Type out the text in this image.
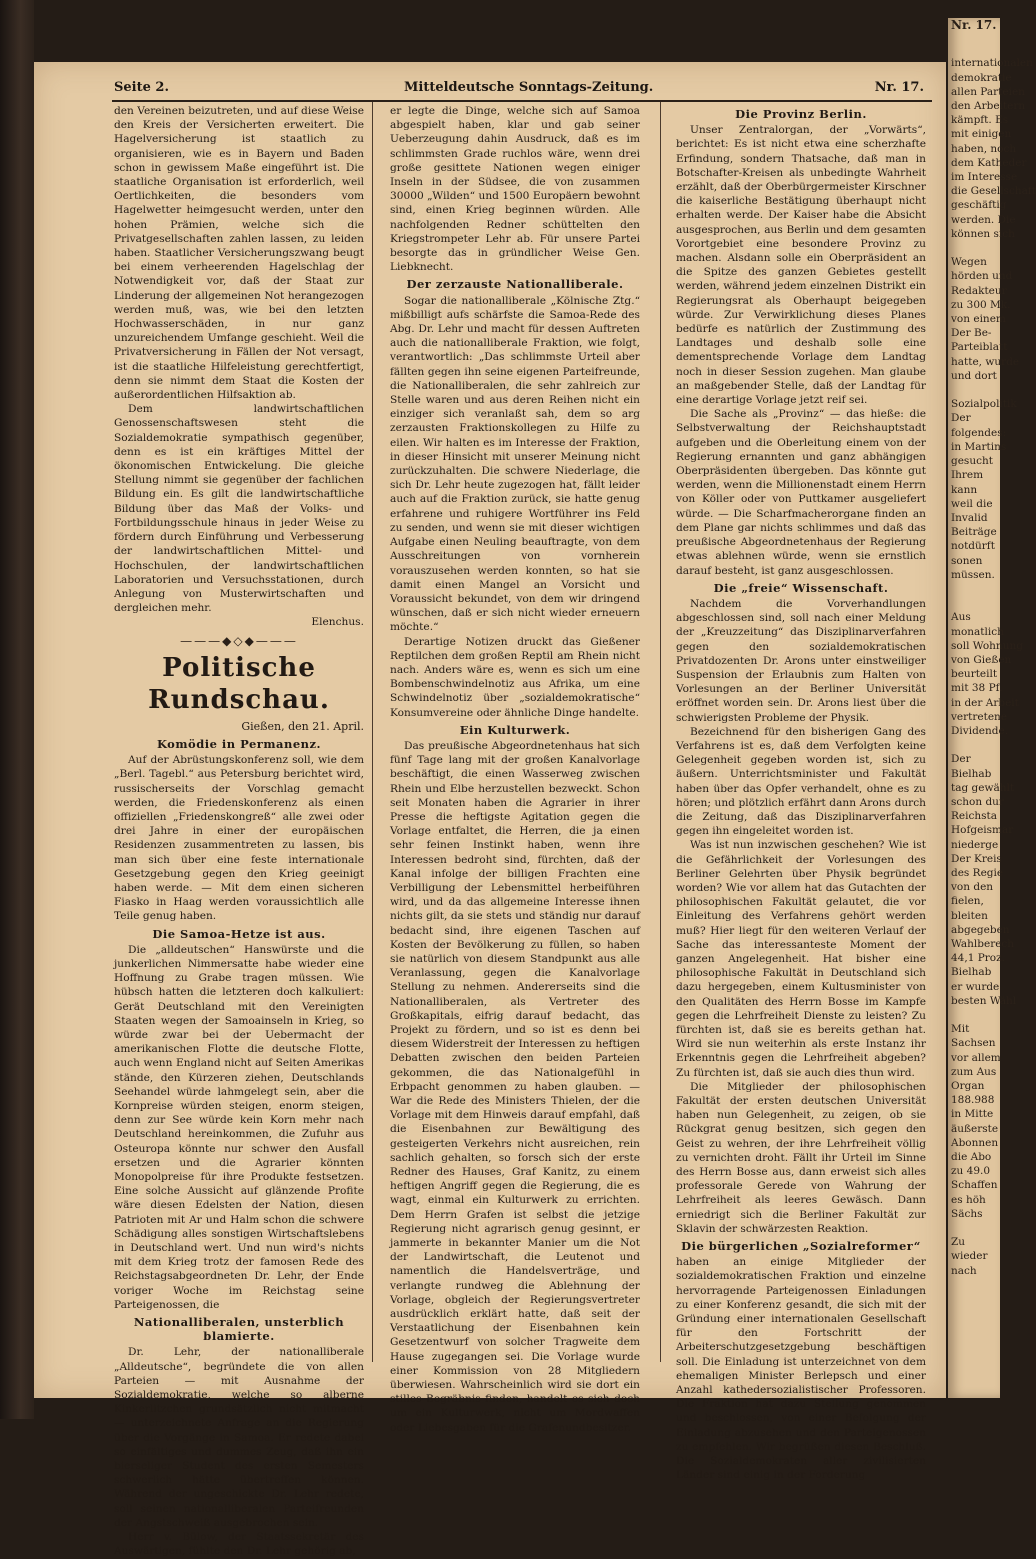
Seite 2.	Mitteldeutsche Sonntags-Zeitung.	Nr. 17.

den Vereinen beizutreten, und auf diese Weise den Kreis der Versicherten erweitert. Die Hagelversicherung ist staatlich zu organisieren, wie es in Bayern und Baden schon in gewissem Maße eingeführt ist. Die staatliche Organisation ist erforderlich, weil Oertlichkeiten, die besonders vom Hagelwetter heimgesucht werden, unter den hohen Prämien, welche sich die Privatgesellschaften zahlen lassen, zu leiden haben. Staatlicher Versicherungszwang beugt bei einem verheerenden Hagelschlag der Notwendigkeit vor, daß der Staat zur Linderung der allgemeinen Not herangezogen werden muß, was, wie bei den letzten Hochwasserschäden, in nur ganz unzureichendem Umfange geschieht. Weil die Privatversicherung in Fällen der Not versagt, ist die staatliche Hilfeleistung gerechtfertigt, denn sie nimmt dem Staat die Kosten der außerordentlichen Hilfsaktion ab.

Dem landwirtschaftlichen Genossenschaftswesen steht die Sozialdemokratie sympathisch gegenüber, denn es ist ein kräftiges Mittel der ökonomischen Entwickelung. Die gleiche Stellung nimmt sie gegenüber der fachlichen Bildung ein. Es gilt die landwirtschaftliche Bildung über das Maß der Volks- und Fortbildungsschule hinaus in jeder Weise zu fördern durch Einführung und Verbesserung der landwirtschaftlichen Mittel- und Hochschulen, der landwirtschaftlichen Laboratorien und Versuchsstationen, durch Anlegung von Musterwirtschaften und dergleichen mehr.

Elenchus.
———◆◇◆———
Politische Rundschau.
Gießen, den 21. April.
Komödie in Permanenz.

Auf der Abrüstungskonferenz soll, wie dem „Berl. Tagebl.“ aus Petersburg berichtet wird, russischerseits der Vorschlag gemacht werden, die Friedenskonferenz als einen offiziellen „Friedenskongreß“ alle zwei oder drei Jahre in einer der europäischen Residenzen zusammentreten zu lassen, bis man sich über eine feste internationale Gesetzgebung gegen den Krieg geeinigt haben werde. — Mit dem einen sicheren Fiasko in Haag werden voraussichtlich alle Teile genug haben.

Die Samoa-Hetze ist aus.

Die „alldeutschen“ Hanswürste und die junkerlichen Nimmersatte habe wieder eine Hoffnung zu Grabe tragen müssen. Wie hübsch hatten die letzteren doch kalkuliert: Gerät Deutschland mit den Vereinigten Staaten wegen der Samoainseln in Krieg, so würde zwar bei der Uebermacht der amerikanischen Flotte die deutsche Flotte, auch wenn England nicht auf Seiten Amerikas stände, den Kürzeren ziehen, Deutschlands Seehandel würde lahmgelegt sein, aber die Kornpreise würden steigen, enorm steigen, denn zur See würde kein Korn mehr nach Deutschland hereinkommen, die Zufuhr aus Osteuropa könnte nur schwer den Ausfall ersetzen und die Agrarier könnten Monopolpreise für ihre Produkte festsetzen. Eine solche Aussicht auf glänzende Profite wäre diesen Edelsten der Nation, diesen Patrioten mit Ar und Halm schon die schwere Schädigung alles sonstigen Wirtschaftslebens in Deutschland wert. Und nun wird's nichts mit dem Krieg trotz der famosen Rede des Reichstagsabgeordneten Dr. Lehr, der Ende voriger Woche im Reichstag seine Parteigenossen, die

Nationalliberalen, unsterblich blamierte.

Dr. Lehr, der nationalliberale „Alldeutsche“, begründete die von allen Parteien — mit Ausnahme der Sozialdemokratie, welche so alberne Kinkerlitzchen grundsätzlich nicht mitmacht — unterzeichnete Anfrage an die Regierung über die Vorgänge in Samoa. Er redete dabei so einfältiges und dummes Zeug, daß ihn ein bierseliger Student des ersten Semesters schwerlich hätte übertreffen können. Während der ungeschickte Dr. Lehr redete, soll seinen nationalliberalen Parteifreunden der Angstschweiß ausgebrochen sein.

Herr v. Bülow, der Staatssekretär des Auswärtigen, fühlte den Dr. Lehr gehörig ab,

er legte die Dinge, welche sich auf Samoa abgespielt haben, klar und gab seiner Ueberzeugung dahin Ausdruck, daß es im schlimmsten Grade ruchlos wäre, wenn drei große gesittete Nationen wegen einiger Inseln in der Südsee, die von zusammen 30000 „Wilden“ und 1500 Europäern bewohnt sind, einen Krieg beginnen würden. Alle nachfolgenden Redner schüttelten den Kriegstrompeter Lehr ab. Für unsere Partei besorgte das in gründlicher Weise Gen. Liebknecht.

Der zerzauste Nationalliberale.

Sogar die nationalliberale „Kölnische Ztg.“ mißbilligt aufs schärfste die Samoa-Rede des Abg. Dr. Lehr und macht für dessen Auftreten auch die nationalliberale Fraktion, wie folgt, verantwortlich: „Das schlimmste Urteil aber fällten gegen ihn seine eigenen Parteifreunde, die Nationalliberalen, die sehr zahlreich zur Stelle waren und aus deren Reihen nicht ein einziger sich veranlaßt sah, dem so arg zerzausten Fraktionskollegen zu Hilfe zu eilen. Wir halten es im Interesse der Fraktion, in dieser Hinsicht mit unserer Meinung nicht zurückzuhalten. Die schwere Niederlage, die sich Dr. Lehr heute zugezogen hat, fällt leider auch auf die Fraktion zurück, sie hatte genug erfahrene und ruhigere Wortführer ins Feld zu senden, und wenn sie mit dieser wichtigen Aufgabe einen Neuling beauftragte, von dem Ausschreitungen von vornherein vorauszusehen werden konnten, so hat sie damit einen Mangel an Vorsicht und Voraussicht bekundet, von dem wir dringend wünschen, daß er sich nicht wieder erneuern möchte.“

Derartige Notizen druckt das Gießener Reptilchen dem großen Reptil am Rhein nicht nach. Anders wäre es, wenn es sich um eine Bombenschwindelnotiz aus Afrika, um eine Schwindelnotiz über „sozialdemokratische“ Konsumvereine oder ähnliche Dinge handelte.

Ein Kulturwerk.

Das preußische Abgeordnetenhaus hat sich fünf Tage lang mit der großen Kanalvorlage beschäftigt, die einen Wasserweg zwischen Rhein und Elbe herzustellen bezweckt. Schon seit Monaten haben die Agrarier in ihrer Presse die heftigste Agitation gegen die Vorlage entfaltet, die Herren, die ja einen sehr feinen Instinkt haben, wenn ihre Interessen bedroht sind, fürchten, daß der Kanal infolge der billigen Frachten eine Verbilligung der Lebensmittel herbeiführen wird, und da das allgemeine Interesse ihnen nichts gilt, da sie stets und ständig nur darauf bedacht sind, ihre eigenen Taschen auf Kosten der Bevölkerung zu füllen, so haben sie natürlich von diesem Standpunkt aus alle Veranlassung, gegen die Kanalvorlage Stellung zu nehmen. Andererseits sind die Nationalliberalen, als Vertreter des Großkapitals, eifrig darauf bedacht, das Projekt zu fördern, und so ist es denn bei diesem Widerstreit der Interessen zu heftigen Debatten zwischen den beiden Parteien gekommen, die das Nationalgefühl in Erbpacht genommen zu haben glauben. — War die Rede des Ministers Thielen, der die Vorlage mit dem Hinweis darauf empfahl, daß die Eisenbahnen zur Bewältigung des gesteigerten Verkehrs nicht ausreichen, rein sachlich gehalten, so forsch sich der erste Redner des Hauses, Graf Kanitz, zu einem heftigen Angriff gegen die Regierung, die es wagt, einmal ein Kulturwerk zu errichten. Dem Herrn Grafen ist selbst die jetzige Regierung nicht agrarisch genug gesinnt, er jammerte in bekannter Manier um die Not der Landwirtschaft, die Leutenot und namentlich die Handelsverträge, und verlangte rundweg die Ablehnung der Vorlage, obgleich der Regierungsvertreter ausdrücklich erklärt hatte, daß seit der Verstaatlichung der Eisenbahnen kein Gesetzentwurf von solcher Tragweite dem Hause zugegangen sei. Die Vorlage wurde einer Kommission von 28 Mitgliedern überwiesen. Wahrscheinlich wird sie dort ein stilles Begräbnis finden, handelt es sich doch um ein Kulturwerk, nicht um Mordwaffen oder Liebesgaben für die Grafenundbesitzer.

Die Provinz Berlin.

Unser Zentralorgan, der „Vorwärts“, berichtet: Es ist nicht etwa eine scherzhafte Erfindung, sondern Thatsache, daß man in Botschafter-Kreisen als unbedingte Wahrheit erzählt, daß der Oberbürgermeister Kirschner die kaiserliche Bestätigung überhaupt nicht erhalten werde. Der Kaiser habe die Absicht ausgesprochen, aus Berlin und dem gesamten Vorortgebiet eine besondere Provinz zu machen. Alsdann solle ein Oberpräsident an die Spitze des ganzen Gebietes gestellt werden, während jedem einzelnen Distrikt ein Regierungsrat als Oberhaupt beigegeben würde. Zur Verwirklichung dieses Planes bedürfe es natürlich der Zustimmung des Landtages und deshalb solle eine dementsprechende Vorlage dem Landtag noch in dieser Session zugehen. Man glaube an maßgebender Stelle, daß der Landtag für eine derartige Vorlage jetzt reif sei.

Die Sache als „Provinz“ — das hieße: die Selbstverwaltung der Reichshauptstadt aufgeben und die Oberleitung einem von der Regierung ernannten und ganz abhängigen Oberpräsidenten übergeben. Das könnte gut werden, wenn die Millionenstadt einem Herrn von Köller oder von Puttkamer ausgeliefert würde. — Die Scharfmacherorgane finden an dem Plane gar nichts schlimmes und daß das preußische Abgeordnetenhaus der Regierung etwas ablehnen würde, wenn sie ernstlich darauf besteht, ist ganz ausgeschlossen.

Die „freie“ Wissenschaft.

Nachdem die Vorverhandlungen abgeschlossen sind, soll nach einer Meldung der „Kreuzzeitung“ das Disziplinarverfahren gegen den sozialdemokratischen Privatdozenten Dr. Arons unter einstweiliger Suspension der Erlaubnis zum Halten von Vorlesungen an der Berliner Universität eröffnet worden sein. Dr. Arons liest über die schwierigsten Probleme der Physik.

Bezeichnend für den bisherigen Gang des Verfahrens ist es, daß dem Verfolgten keine Gelegenheit gegeben worden ist, sich zu äußern. Unterrichtsminister und Fakultät haben über das Opfer verhandelt, ohne es zu hören; und plötzlich erfährt dann Arons durch die Zeitung, daß das Disziplinarverfahren gegen ihn eingeleitet worden ist.

Was ist nun inzwischen geschehen? Wie ist die Gefährlichkeit der Vorlesungen des Berliner Gelehrten über Physik begründet worden? Wie vor allem hat das Gutachten der philosophischen Fakultät gelautet, die vor Einleitung des Verfahrens gehört werden muß? Hier liegt für den weiteren Verlauf der Sache das interessanteste Moment der ganzen Angelegenheit. Hat bisher eine philosophische Fakultät in Deutschland sich dazu hergegeben, einem Kultusminister von den Qualitäten des Herrn Bosse im Kampfe gegen die Lehrfreiheit Dienste zu leisten? Zu fürchten ist, daß sie es bereits gethan hat. Wird sie nun weiterhin als erste Instanz ihr Erkenntnis gegen die Lehrfreiheit abgeben? Zu fürchten ist, daß sie auch dies thun wird.

Die Mitglieder der philosophischen Fakultät der ersten deutschen Universität haben nun Gelegenheit, zu zeigen, ob sie Rückgrat genug besitzen, sich gegen den Geist zu wehren, der ihre Lehrfreiheit völlig zu vernichten droht. Fällt ihr Urteil im Sinne des Herrn Bosse aus, dann erweist sich alles professorale Gerede von Wahrung der Lehrfreiheit als leeres Gewäsch. Dann erniedrigt sich die Berliner Fakultät zur Sklavin der schwärzesten Reaktion.

Die bürgerlichen „Sozialreformer“

haben an einige Mitglieder der sozialdemokratischen Fraktion und einzelne hervorragende Parteigenossen Einladungen zu einer Konferenz gesandt, die sich mit der Gründung einer internationalen Gesellschaft für den Fortschritt der Arbeiterschutzgesetzgebung beschäftigen soll. Die Einladung ist unterzeichnet von dem ehemaligen Minister Berlepsch und einer Anzahl kathedersozialistischer Professoren. Die Fraktion hat dazu Stellung genommen und beschlossen, von einer Befolgung der Einladung abzusehen und den Parteigenossen zu empfehlen. Wir begrüßen diesen Beschluß. Die Sozialdemokraten aller zivilisierten Länder sind einig in der Forderung

Nr. 17.

internationalen
demokratie
allen Parteien
den Arbeitern
kämpft. Es
mit einigen
haben, noch
dem Katheder
im Interesse
die Gesellschaft
geschäftig
werden. Die
können sich

Wegen
hörden und
Redakteur
zu 300 Mk.
von einem
Der Be-
Parteiblatt
hatte, wurde
und dort

Sozialpolitik
Der
folgendes:
in Martins
gesucht
Ihrem
kann
weil die
Invalid
Beiträge
notdürft
sonen
müssen.

Aus
monatlich
soll Wohnung
von Gießen
beurteilt
mit 38 Pf.
in der Arbeit
vertretene
Dividende.

Der
Bielhab
tag gewählt
schon dur
Reichsta
Hofgeismar
niederge
Der Kreis
des Regie
von den
fielen,
bleiten
abgegeben
Wahlberech
44,1 Proz.
Bielhab
er wurde
besten Wähl

Mit
Sachsen
vor allem
zum Aus
Organ
188.988
in Mitte
äußerste
Abonnen
die Abo
zu 49.0
Schaffen
es höh
Sächs

Zu
wieder
nach
